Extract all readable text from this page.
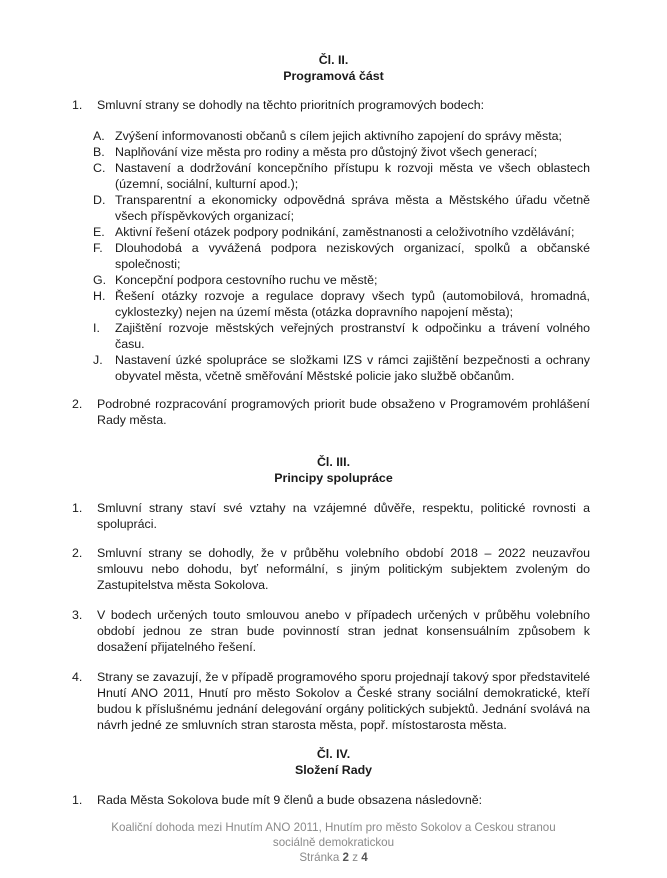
Čl. II.
Programová část
1. Smluvní strany se dohodly na těchto prioritních programových bodech:
A. Zvýšení informovanosti občanů s cílem jejich aktivního zapojení do správy města;
B. Naplňování vize města pro rodiny a města pro důstojný život všech generací;
C. Nastavení a dodržování koncepčního přístupu k rozvoji města ve všech oblastech (územní, sociální, kulturní apod.);
D. Transparentní a ekonomicky odpovědná správa města a Městského úřadu včetně všech příspěvkových organizací;
E. Aktivní řešení otázek podpory podnikání, zaměstnanosti a celoživotního vzdělávání;
F. Dlouhodobá a vyvážená podpora neziskových organizací, spolků a občanské společnosti;
G. Koncepční podpora cestovního ruchu ve městě;
H. Řešení otázky rozvoje a regulace dopravy všech typů (automobilová, hromadná, cyklostezky) nejen na území města (otázka dopravního napojení města);
I. Zajištění rozvoje městských veřejných prostranství k odpočinku a trávení volného času.
J. Nastavení úzké spolupráce se složkami IZS v rámci zajištění bezpečnosti a ochrany obyvatel města, včetně směřování Městské policie jako službě občanům.
2. Podrobné rozpracování programových priorit bude obsaženo v Programovém prohlášení Rady města.
Čl. III.
Principy spolupráce
1. Smluvní strany staví své vztahy na vzájemné důvěře, respektu, politické rovnosti a spolupráci.
2. Smluvní strany se dohodly, že v průběhu volebního období 2018 – 2022 neuzavřou smlouvu nebo dohodu, byť neformální, s jiným politickým subjektem zvoleným do Zastupitelstva města Sokolova.
3. V bodech určených touto smlouvou anebo v případech určených v průběhu volebního období jednou ze stran bude povinností stran jednat konsensuálním způsobem k dosažení přijatelného řešení.
4. Strany se zavazují, že v případě programového sporu projednají takový spor představitelé Hnutí ANO 2011, Hnutí pro město Sokolov a České strany sociální demokratické, kteří budou k příslušnému jednání delegování orgány politických subjektů. Jednání svolává na návrh jedné ze smluvních stran starosta města, popř. místostarosta města.
Čl. IV.
Složení Rady
1. Rada Města Sokolova bude mít 9 členů a bude obsazena následovně:
Koaliční dohoda mezi Hnutím ANO 2011, Hnutím pro město Sokolov a Ceskou stranou
sociálně demokratickou
Stránka 2 z 4
